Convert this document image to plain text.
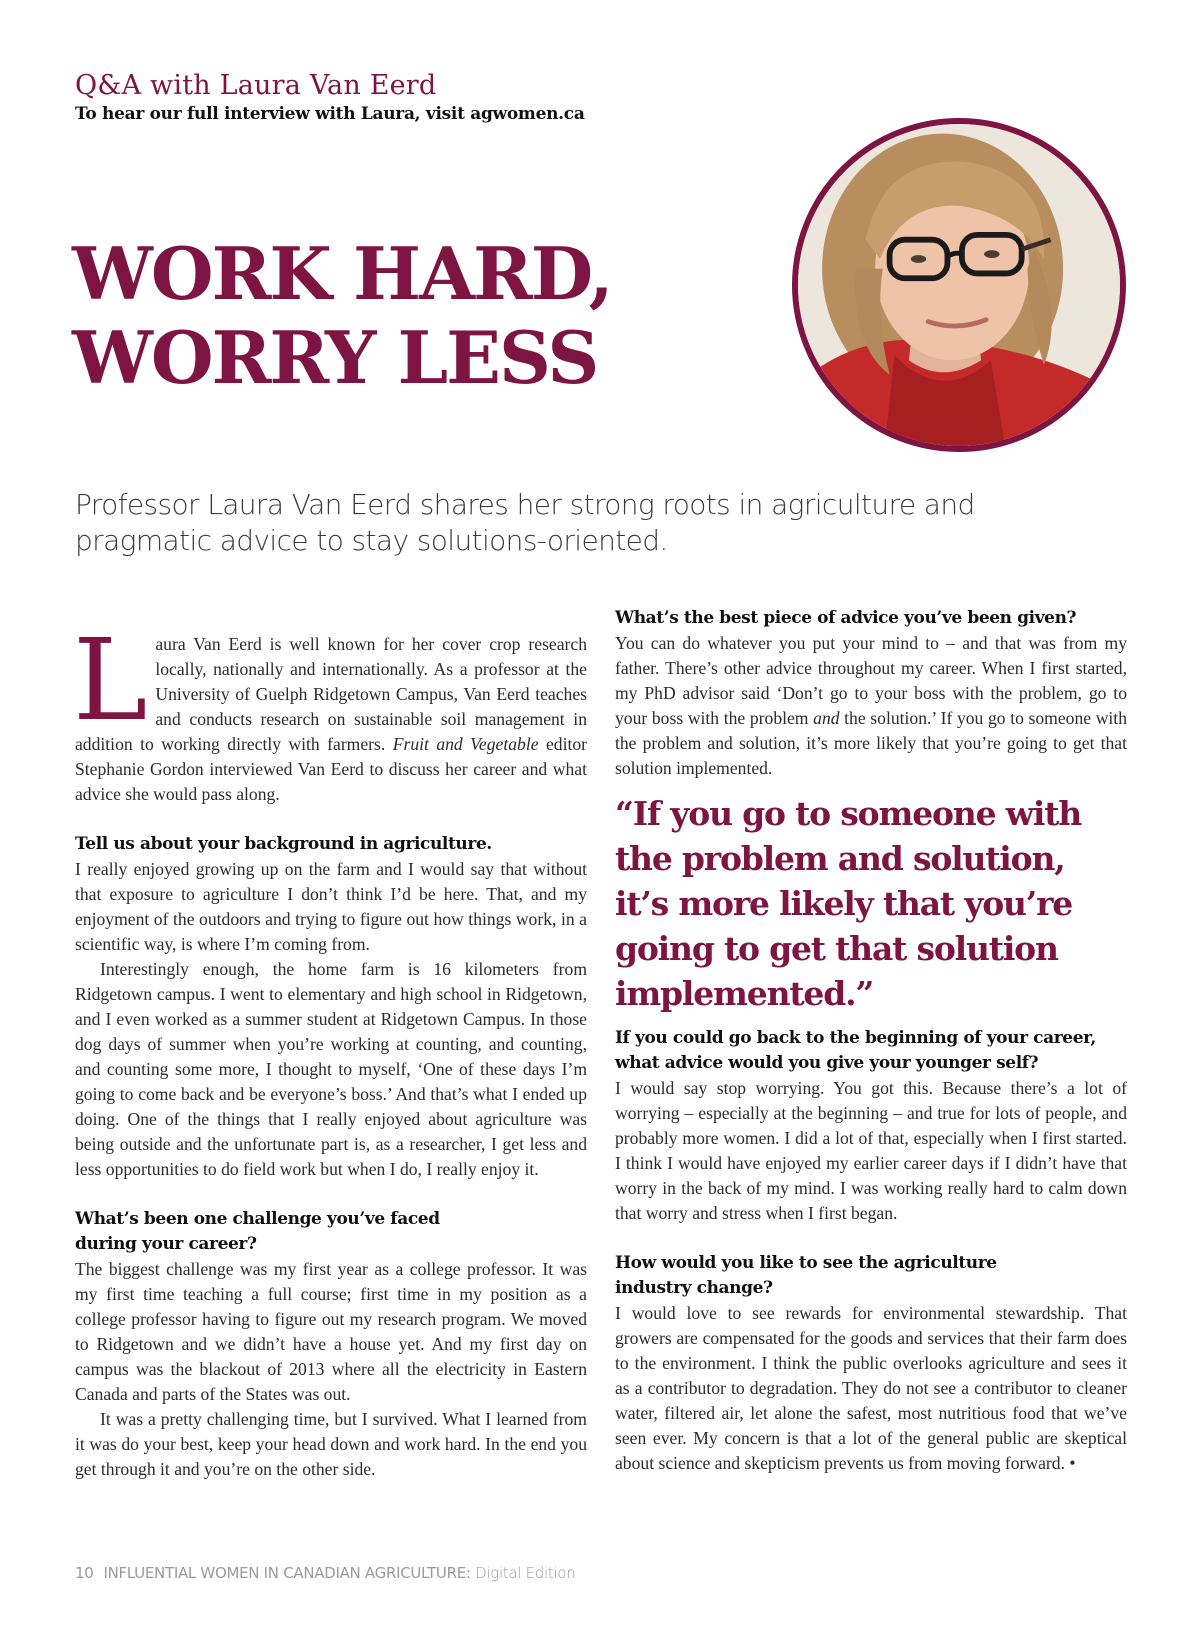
Q&A with Laura Van Eerd
To hear our full interview with Laura, visit agwomen.ca
WORK HARD,
WORRY LESS

Professor Laura Van Eerd shares her strong roots in agriculture and pragmatic advice to stay solutions-oriented.

Laura Van Eerd is well known for her cover crop research locally, nationally and internationally. As a professor at the University of Guelph Ridgetown Campus, Van Eerd teaches and conducts research on sustainable soil management in addition to working directly with farmers. Fruit and Vegetable editor Stephanie Gordon interviewed Van Eerd to discuss her career and what advice she would pass along.

Tell us about your background in agriculture.

I really enjoyed growing up on the farm and I would say that without that exposure to agriculture I don’t think I’d be here. That, and my enjoyment of the outdoors and trying to figure out how things work, in a scientific way, is where I’m coming from.

Interestingly enough, the home farm is 16 kilometers from Ridgetown campus. I went to elementary and high school in Ridgetown, and I even worked as a summer student at Ridgetown Campus. In those dog days of summer when you’re working at counting, and counting, and counting some more, I thought to myself, ‘One of these days I’m going to come back and be everyone’s boss.’ And that’s what I ended up doing. One of the things that I really enjoyed about agriculture was being outside and the unfortunate part is, as a researcher, I get less and less opportunities to do field work but when I do, I really enjoy it.

What’s been one challenge you’ve faced
during your career?

The biggest challenge was my first year as a college professor. It was my first time teaching a full course; first time in my position as a college professor having to figure out my research program. We moved to Ridgetown and we didn’t have a house yet. And my first day on campus was the blackout of 2013 where all the electricity in Eastern Canada and parts of the States was out.

It was a pretty challenging time, but I survived. What I learned from it was do your best, keep your head down and work hard. In the end you get through it and you’re on the other side.

What’s the best piece of advice you’ve been given?

You can do whatever you put your mind to – and that was from my father. There’s other advice throughout my career. When I first started, my PhD advisor said ‘Don’t go to your boss with the problem, go to your boss with the problem and the solution.’ If you go to someone with the problem and solution, it’s more likely that you’re going to get that solution implemented.

“If you go to someone with the problem and solution, it’s more likely that you’re going to get that solution implemented.”
If you could go back to the beginning of your career, what advice would you give your younger self?

I would say stop worrying. You got this. Because there’s a lot of worrying – especially at the beginning – and true for lots of people, and probably more women. I did a lot of that, especially when I first started. I think I would have enjoyed my earlier career days if I didn’t have that worry in the back of my mind. I was working really hard to calm down that worry and stress when I first began.

How would you like to see the agriculture
industry change?

I would love to see rewards for environmental stewardship. That growers are compensated for the goods and services that their farm does to the environment. I think the public overlooks agriculture and sees it as a contributor to degradation. They do not see a contributor to cleaner water, filtered air, let alone the safest, most nutritious food that we’ve seen ever. My concern is that a lot of the general public are skeptical about science and skepticism prevents us from moving forward. •

10 INFLUENTIAL WOMEN IN CANADIAN AGRICULTURE: Digital Edition
